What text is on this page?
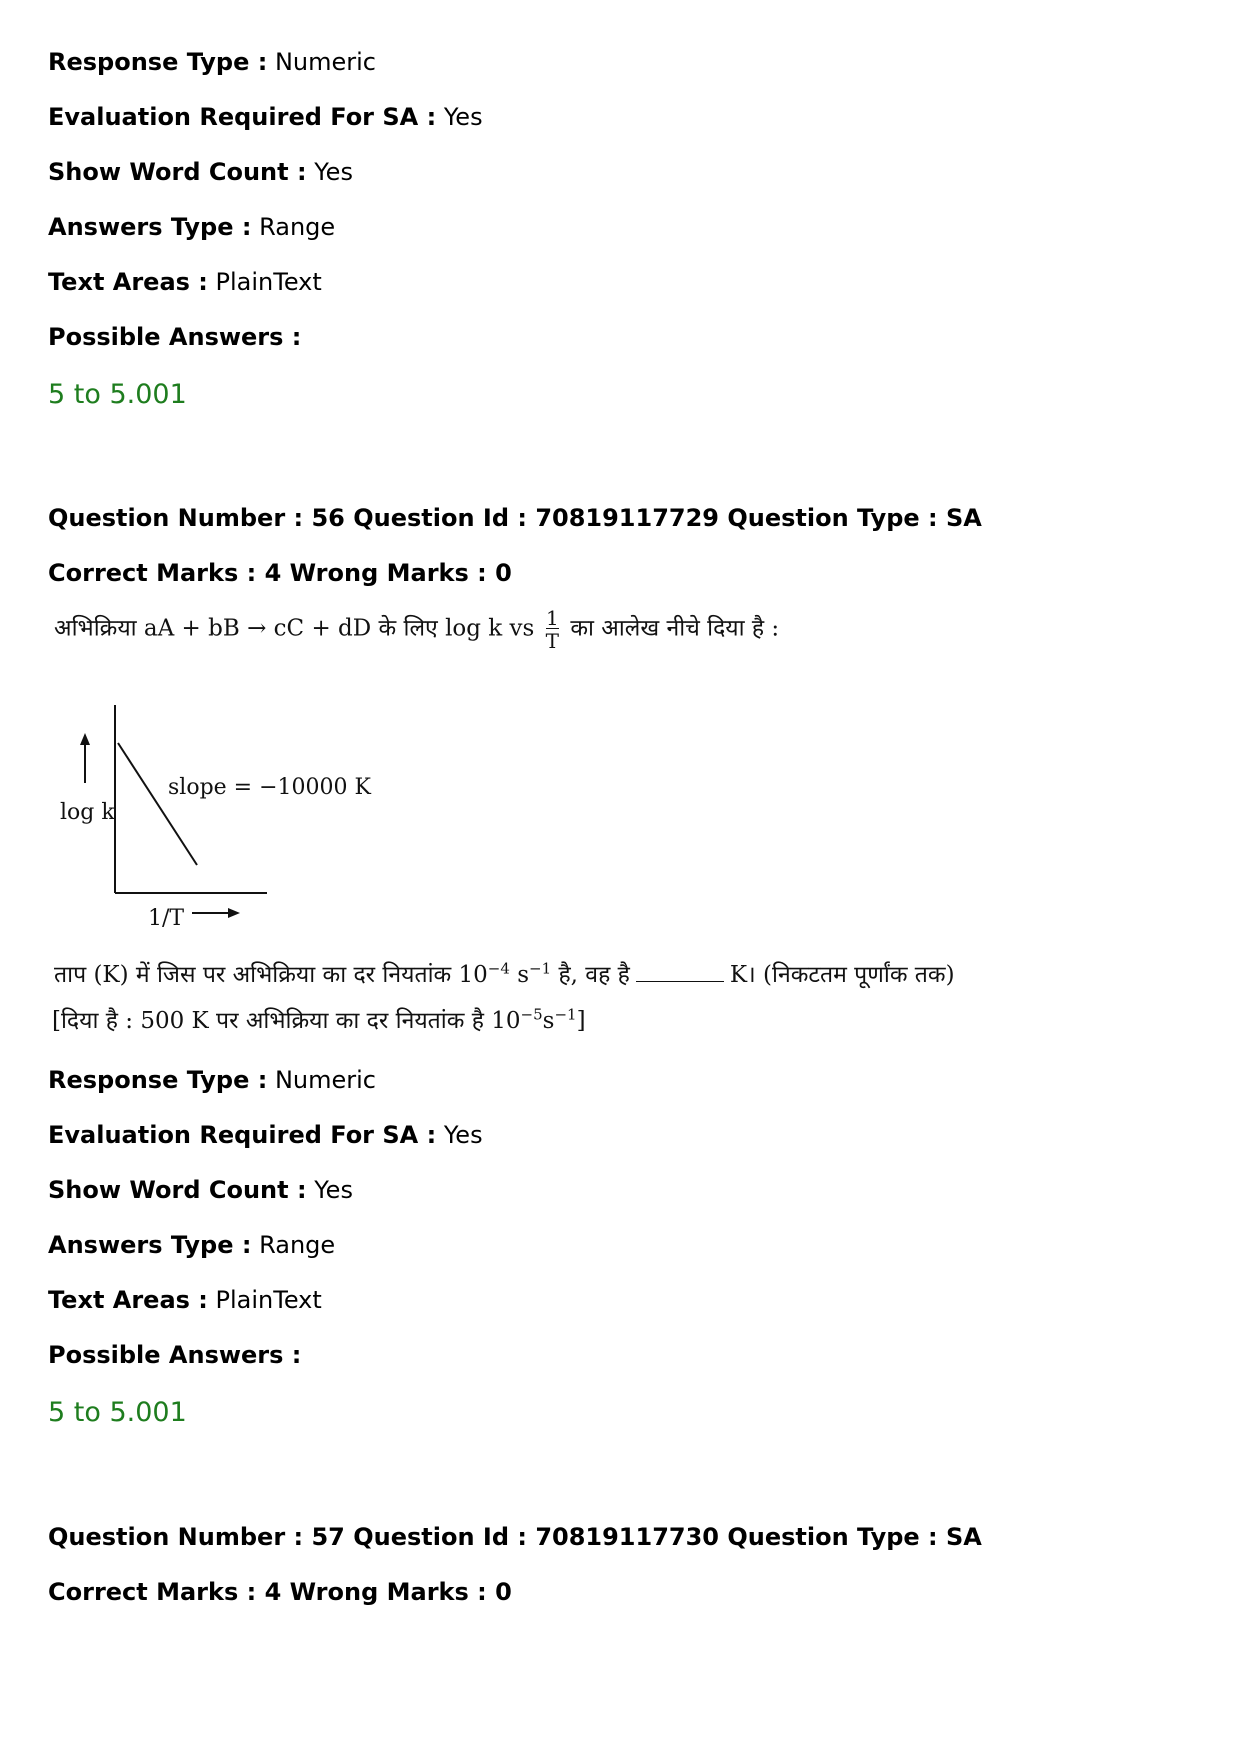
Response Type : Numeric
Evaluation Required For SA : Yes
Show Word Count : Yes
Answers Type : Range
Text Areas : PlainText
Possible Answers :
5 to 5.001
Question Number : 56 Question Id : 70819117729 Question Type : SA
Correct Marks : 4 Wrong Marks : 0
अभिक्रिया aA + bB → cC + dD के लिए log k vs $\frac{1}{T}$ का आलेख नीचे दिया है :
log k
slope = −10000 K
1/T
ताप (K) में जिस पर अभिक्रिया का दर नियतांक $10^{-4}$ $s^{-1}$ है, वह है	K। (निकटतम पूर्णांक तक)
[दिया है : 500 K पर अभिक्रिया का दर नियतांक है $10^{-5}s^{-1}$]
Response Type : Numeric
Evaluation Required For SA : Yes
Show Word Count : Yes
Answers Type : Range
Text Areas : PlainText
Possible Answers :
5 to 5.001
Question Number : 57 Question Id : 70819117730 Question Type : SA
Correct Marks : 4 Wrong Marks : 0
